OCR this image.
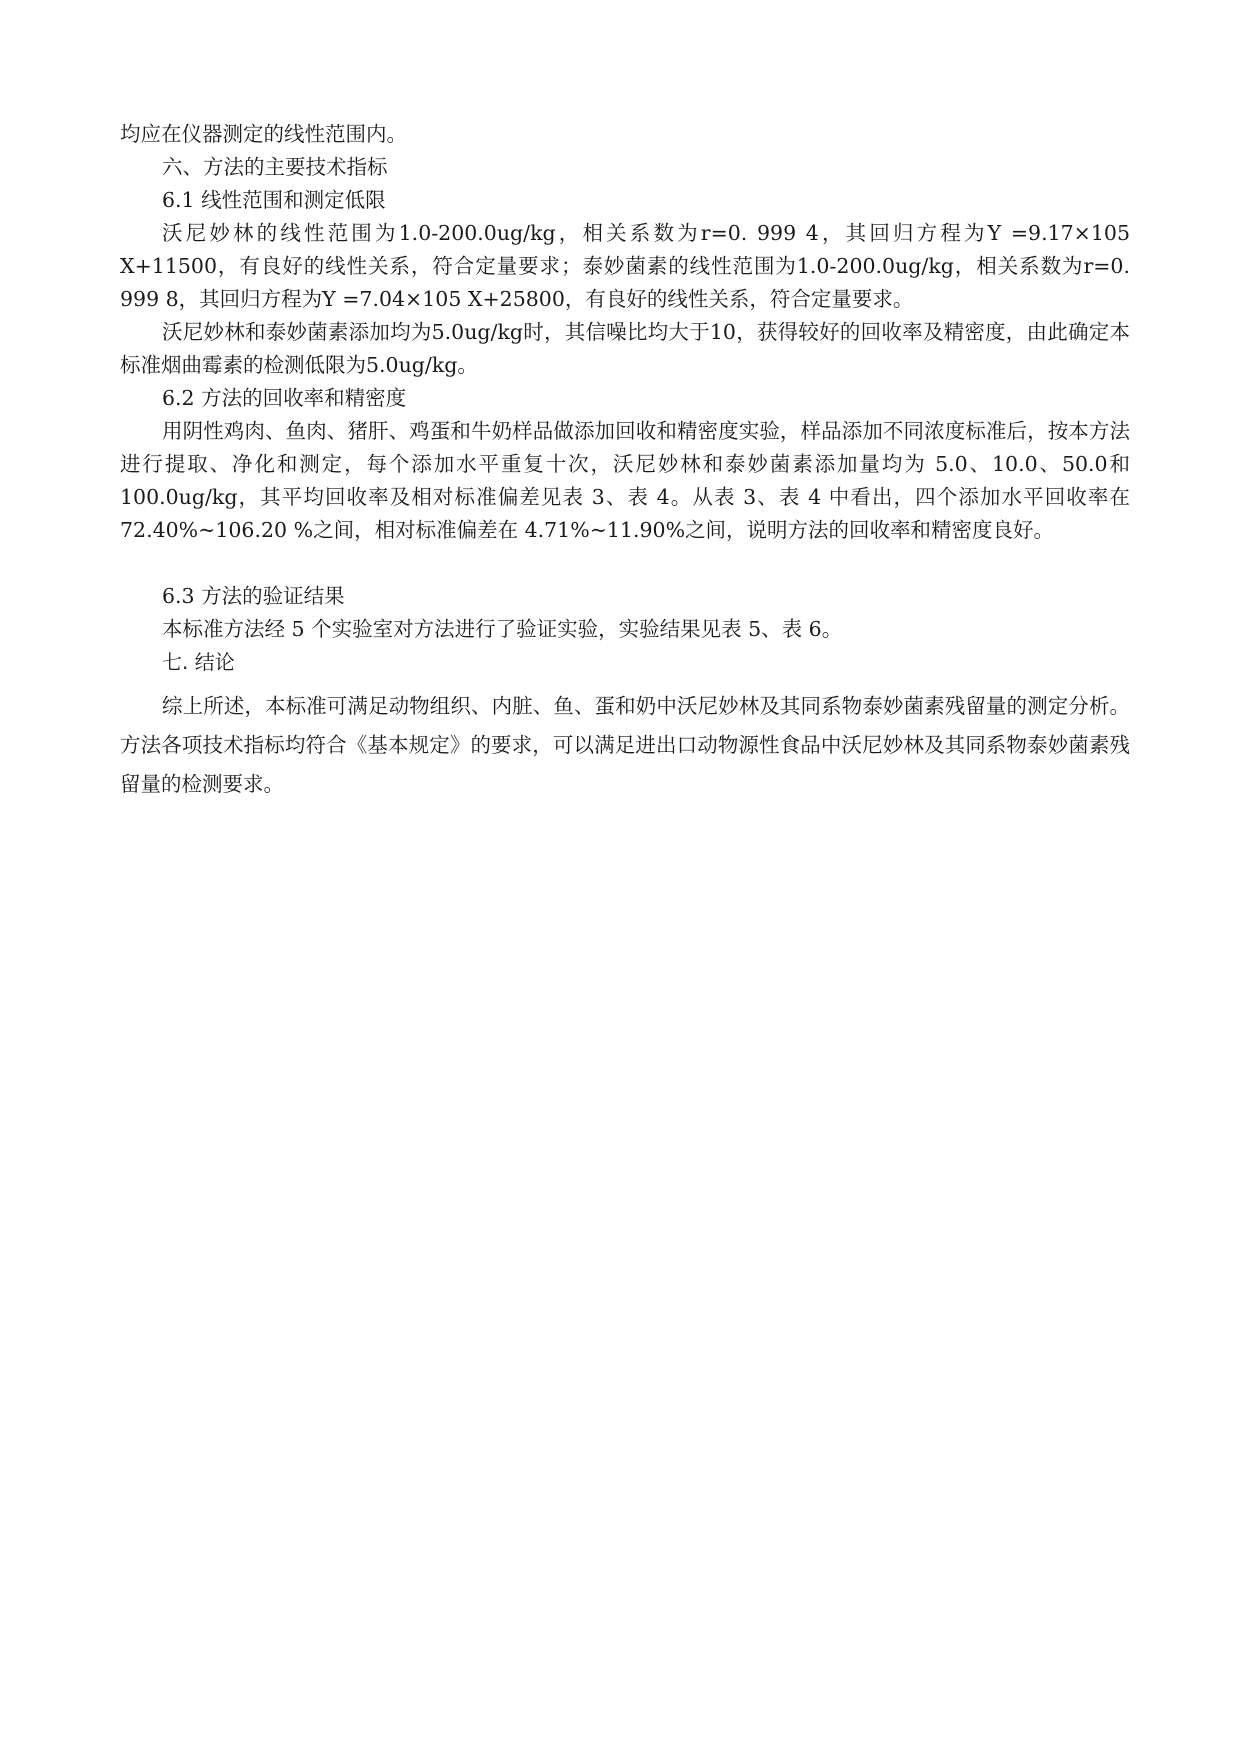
均应在仪器测定的线性范围内。

六、方法的主要技术指标

6.1 线性范围和测定低限

沃尼妙林的线性范围为1.0-200.0ug/kg，相关系数为r=0. 999 4，其回归方程为Y =9.17×105 X+11500，有良好的线性关系，符合定量要求；泰妙菌素的线性范围为1.0-200.0ug/kg，相关系数为r=0. 999 8，其回归方程为Y =7.04×105 X+25800，有良好的线性关系，符合定量要求。

沃尼妙林和泰妙菌素添加均为5.0ug/kg时，其信噪比均大于10，获得较好的回收率及精密度，由此确定本标准烟曲霉素的检测低限为5.0ug/kg。

6.2 方法的回收率和精密度

用阴性鸡肉、鱼肉、猪肝、鸡蛋和牛奶样品做添加回收和精密度实验，样品添加不同浓度标准后，按本方法进行提取、净化和测定，每个添加水平重复十次，沃尼妙林和泰妙菌素添加量均为 5.0、10.0、50.0和 100.0ug/kg，其平均回收率及相对标准偏差见表 3、表 4。从表 3、表 4 中看出，四个添加水平回收率在72.40%~106.20 %之间，相对标准偏差在 4.71%~11.90%之间，说明方法的回收率和精密度良好。

6.3 方法的验证结果

本标准方法经 5 个实验室对方法进行了验证实验，实验结果见表 5、表 6。

七. 结论

综上所述，本标准可满足动物组织、内脏、鱼、蛋和奶中沃尼妙林及其同系物泰妙菌素残留量的测定分析。方法各项技术指标均符合《基本规定》的要求，可以满足进出口动物源性食品中沃尼妙林及其同系物泰妙菌素残留量的检测要求。
